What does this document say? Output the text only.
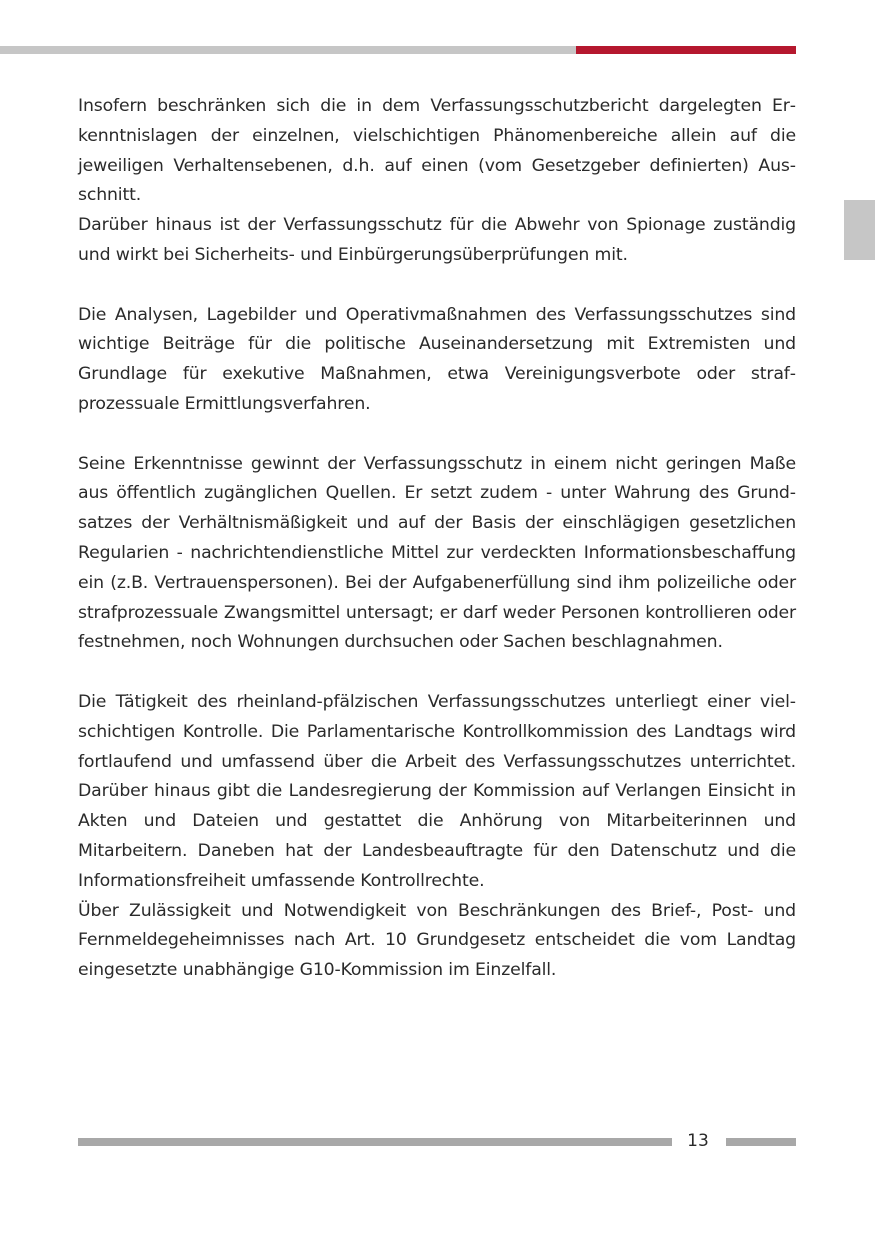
Insofern beschränken sich die in dem Verfassungsschutzbericht dargelegten Erkenntnislagen der einzelnen, vielschichtigen Phänomenbereiche allein auf die jeweiligen Verhaltensebenen, d.h. auf einen (vom Gesetzgeber definierten) Ausschnitt.

Darüber hinaus ist der Verfassungsschutz für die Abwehr von Spionage zuständig und wirkt bei Sicherheits- und Einbürgerungsüberprüfungen mit.

Die Analysen, Lagebilder und Operativmaßnahmen des Verfassungsschutzes sind wichtige Beiträge für die politische Auseinandersetzung mit Extremisten und Grundlage für exekutive Maßnahmen, etwa Vereinigungsverbote oder strafprozessuale Ermittlungsverfahren.

Seine Erkenntnisse gewinnt der Verfassungsschutz in einem nicht geringen Maße aus öffentlich zugänglichen Quellen. Er setzt zudem - unter Wahrung des Grundsatzes der Verhältnismäßigkeit und auf der Basis der einschlägigen gesetzlichen Regularien - nachrichtendienstliche Mittel zur verdeckten Informationsbeschaffung ein (z.B. Vertrauenspersonen). Bei der Aufgabenerfüllung sind ihm polizeiliche oder strafprozessuale Zwangsmittel untersagt; er darf weder Personen kontrollieren oder festnehmen, noch Wohnungen durchsuchen oder Sachen beschlagnahmen.

Die Tätigkeit des rheinland-pfälzischen Verfassungsschutzes unterliegt einer vielschichtigen Kontrolle. Die Parlamentarische Kontrollkommission des Landtags wird fortlaufend und umfassend über die Arbeit des Verfassungsschutzes unterrichtet. Darüber hinaus gibt die Landesregierung der Kommission auf Verlangen Einsicht in Akten und Dateien und gestattet die Anhörung von Mitarbeiterinnen und Mitarbeitern. Daneben hat der Landesbeauftragte für den Datenschutz und die Informationsfreiheit umfassende Kontrollrechte.

Über Zulässigkeit und Notwendigkeit von Beschränkungen des Brief-, Post- und Fernmeldegeheimnisses nach Art. 10 Grundgesetz entscheidet die vom Landtag eingesetzte unabhängige G10-Kommission im Einzelfall.

13
